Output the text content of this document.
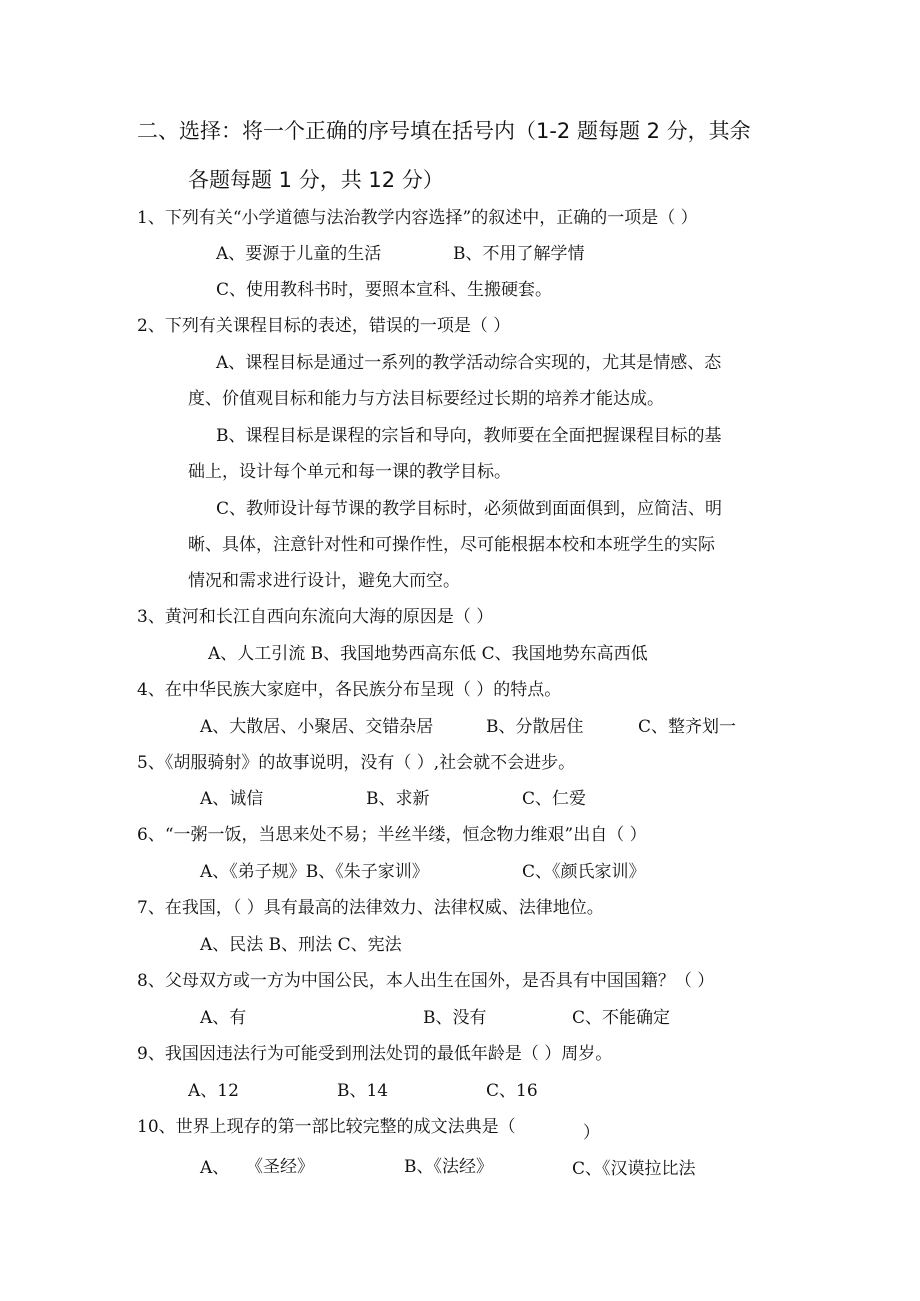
二、选择：将一个正确的序号填在括号内（1-2 题每题 2 分，其余
各题每题 1 分，共 12 分）
1、下列有关“小学道德与法治教学内容选择”的叙述中，正确的一项是（ ）
A、要源于儿童的生活	B、不用了解学情
C、使用教科书时，要照本宣科、生搬硬套。
2、下列有关课程目标的表述，错误的一项是（ ）
A、课程目标是通过一系列的教学活动综合实现的，尤其是情感、态
度、价值观目标和能力与方法目标要经过长期的培养才能达成。
B、课程目标是课程的宗旨和导向，教师要在全面把握课程目标的基
础上，设计每个单元和每一课的教学目标。
C、教师设计每节课的教学目标时，必须做到面面俱到，应简洁、明
晰、具体，注意针对性和可操作性，尽可能根据本校和本班学生的实际
情况和需求进行设计，避免大而空。
3、黄河和长江自西向东流向大海的原因是（ ）
A、人工引流 B、我国地势西高东低 C、我国地势东高西低
4、在中华民族大家庭中，各民族分布呈现（ ）的特点。
A、大散居、小聚居、交错杂居	B、分散居住	C、整齐划一
5、《胡服骑射》的故事说明，没有（ ）,社会就不会进步。
A、诚信	B、求新	C、仁爱
6、“一粥一饭，当思来处不易；半丝半缕，恒念物力维艰”出自（ ）
A、《弟子规》B、《朱子家训》	C、《颜氏家训》
7、在我国，（ ）具有最高的法律效力、法律权威、法律地位。
A、民法 B、刑法 C、宪法
8、父母双方或一方为中国公民，本人出生在国外，是否具有中国国籍？（ ）
A、有	B、没有	C、不能确定
9、我国因违法行为可能受到刑法处罚的最低年龄是（ ）周岁。
A、12	B、14	C、16
10、世界上现存的第一部比较完整的成文法典是（	）
A、 《圣经》	B、《法经》	C、《汉谟拉比法
